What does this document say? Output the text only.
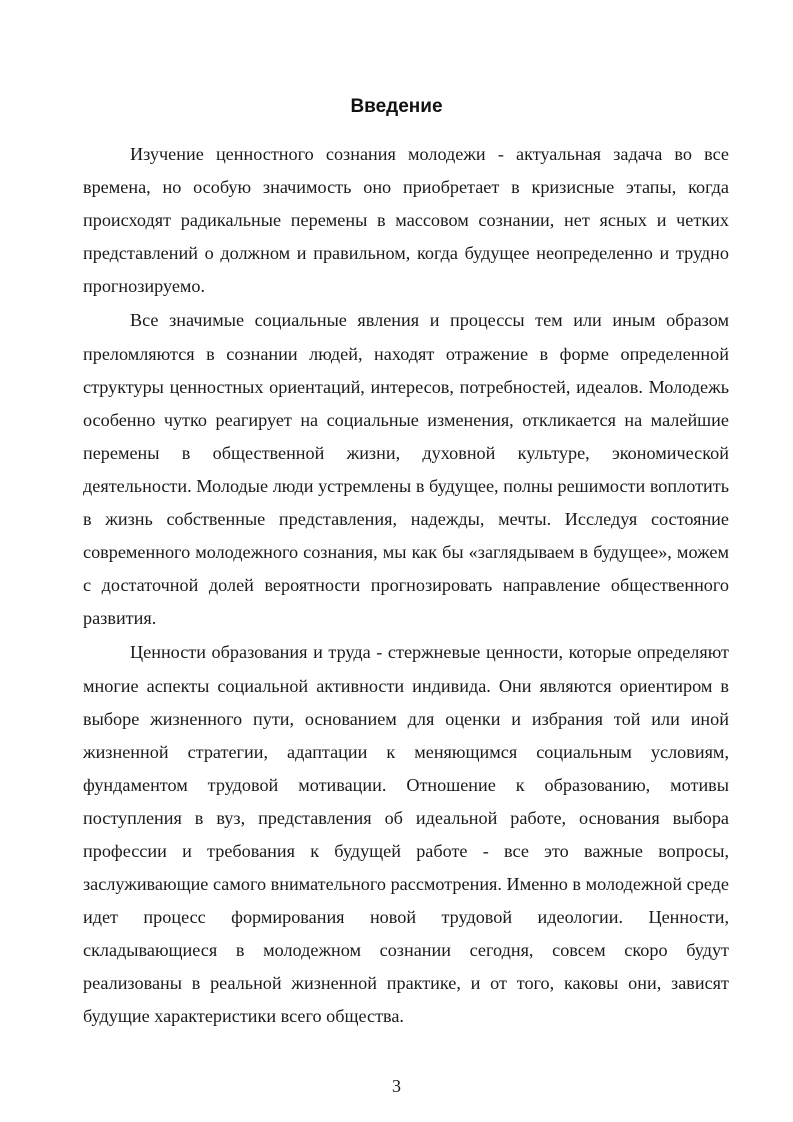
Введение

Изучение ценностного сознания молодежи - актуальная задача во все времена, но особую значимость оно приобретает в кризисные этапы, когда происходят радикальные перемены в массовом сознании, нет ясных и четких представлений о должном и правильном, когда будущее неопределенно и трудно прогнозируемо.

Все значимые социальные явления и процессы тем или иным образом преломляются в сознании людей, находят отражение в форме определенной структуры ценностных ориентаций, интересов, потребностей, идеалов. Молодежь особенно чутко реагирует на социальные изменения, откликается на малейшие перемены в общественной жизни, духовной культуре, экономической деятельности. Молодые люди устремлены в будущее, полны решимости воплотить в жизнь собственные представления, надежды, мечты. Исследуя состояние современного молодежного сознания, мы как бы «заглядываем в будущее», можем с достаточной долей вероятности прогнозировать направление общественного развития.

Ценности образования и труда - стержневые ценности, которые определяют многие аспекты социальной активности индивида. Они являются ориентиром в выборе жизненного пути, основанием для оценки и избрания той или иной жизненной стратегии, адаптации к меняющимся социальным условиям, фундаментом трудовой мотивации. Отношение к образованию, мотивы поступления в вуз, представления об идеальной работе, основания выбора профессии и требования к будущей работе - все это важные вопросы, заслуживающие самого внимательного рассмотрения. Именно в молодежной среде идет процесс формирования новой трудовой идеологии. Ценности, складывающиеся в молодежном сознании сегодня, совсем скоро будут реализованы в реальной жизненной практике, и от того, каковы они, зависят будущие характеристики всего общества.

3
